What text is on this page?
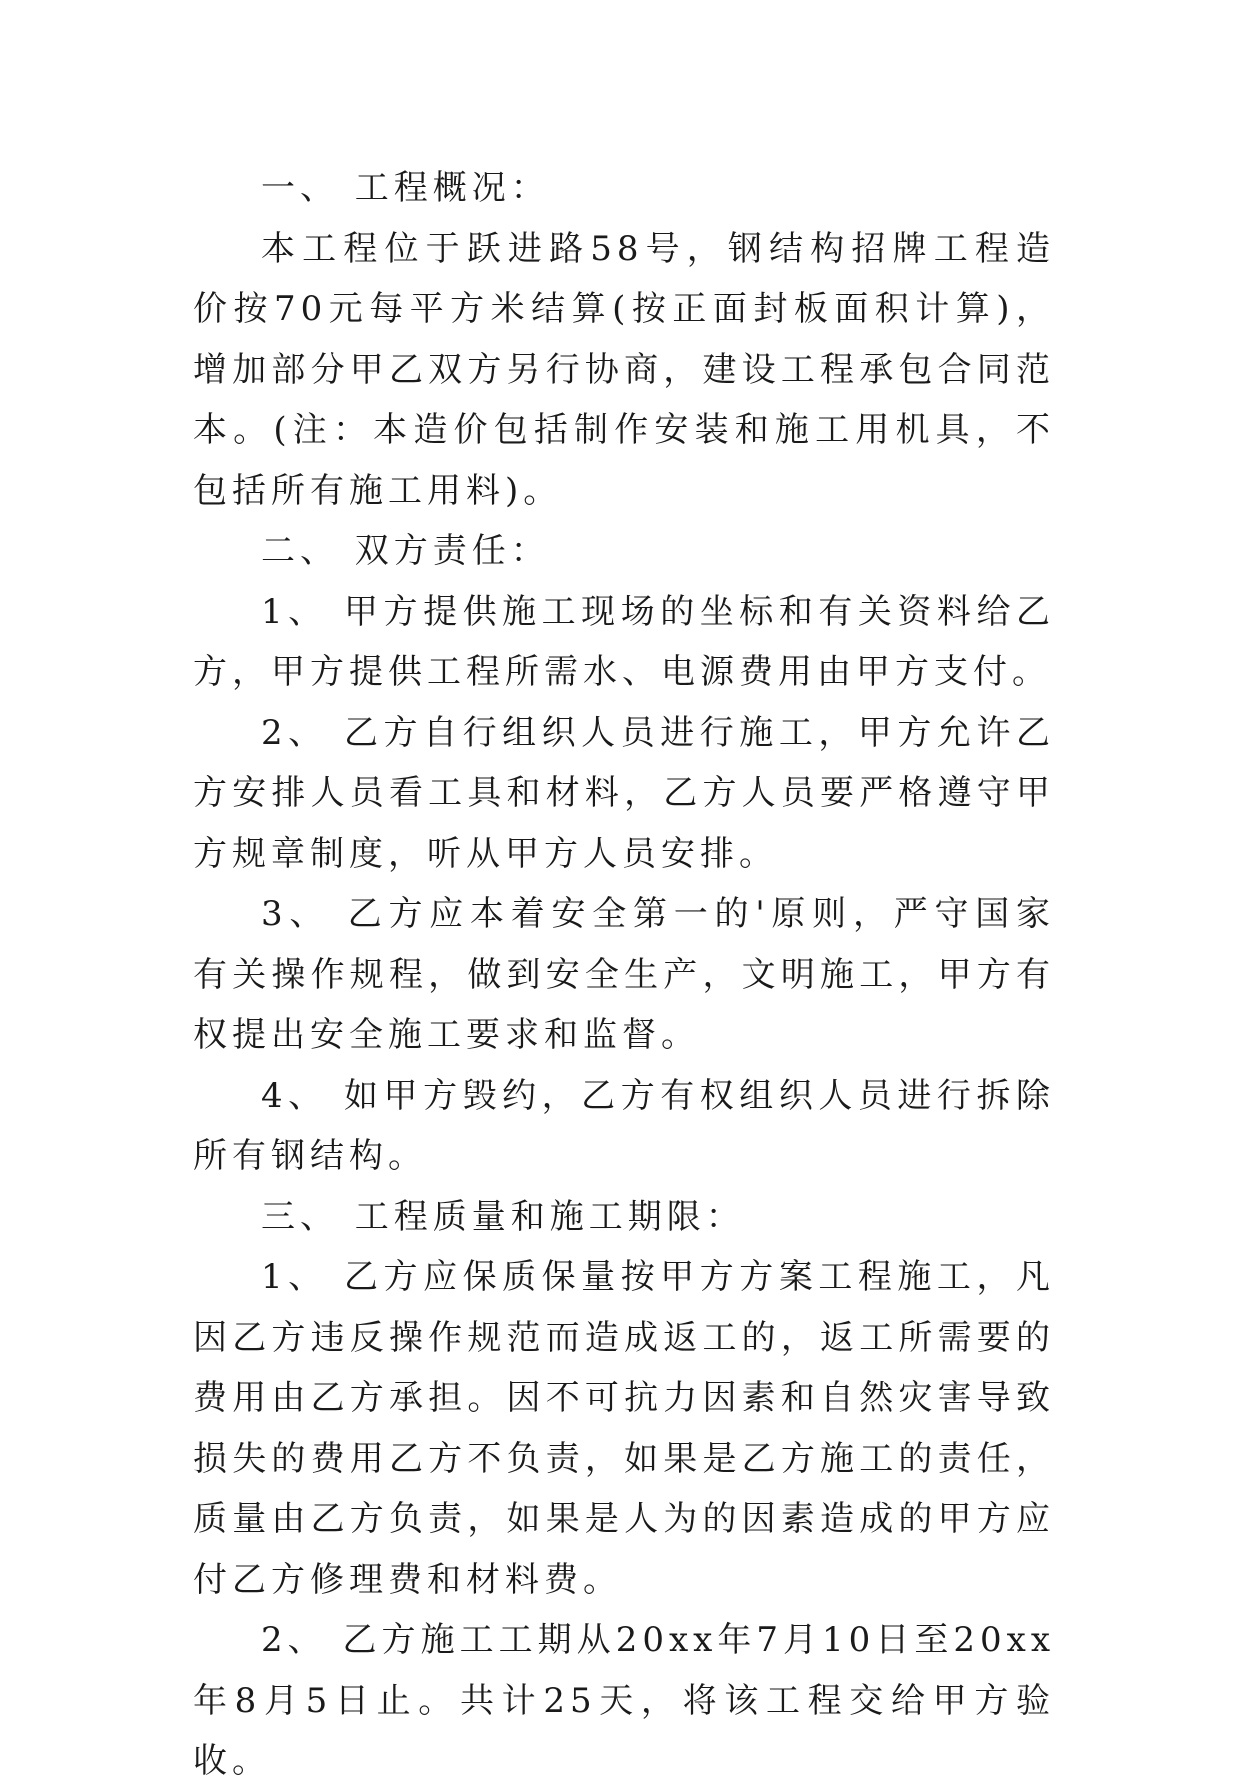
一、 工程概况：

本工程位于跃进路58号，钢结构招牌工程造价按70元每平方米结算(按正面封板面积计算)，增加部分甲乙双方另行协商，建设工程承包合同范本。(注：本造价包括制作安装和施工用机具，不包括所有施工用料)。

二、 双方责任：

1、 甲方提供施工现场的坐标和有关资料给乙方，甲方提供工程所需水、电源费用由甲方支付。

2、 乙方自行组织人员进行施工，甲方允许乙方安排人员看工具和材料，乙方人员要严格遵守甲方规章制度，听从甲方人员安排。

3、 乙方应本着安全第一的'原则，严守国家有关操作规程，做到安全生产，文明施工，甲方有权提出安全施工要求和监督。

4、 如甲方毁约，乙方有权组织人员进行拆除所有钢结构。

三、 工程质量和施工期限：

1、 乙方应保质保量按甲方方案工程施工，凡因乙方违反操作规范而造成返工的，返工所需要的费用由乙方承担。因不可抗力因素和自然灾害导致损失的费用乙方不负责，如果是乙方施工的责任，质量由乙方负责，如果是人为的因素造成的甲方应付乙方修理费和材料费。

2、 乙方施工工期从20xx年7月10日至20xx年8月5日止。共计25天，将该工程交给甲方验收。
